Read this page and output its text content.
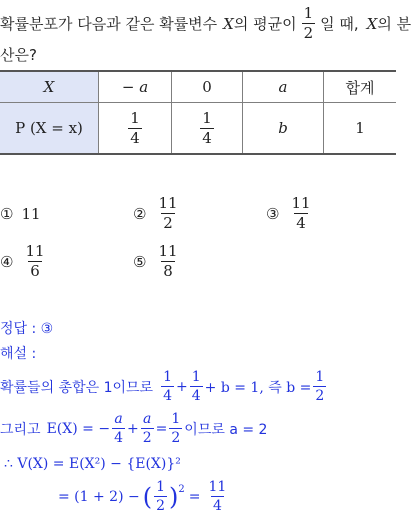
확률분포가 다음과 같은 확률변수 X 의 평균이 $\frac{1}{2}$ 일 때, X 의 분
산은?
X	− a	0	a	합계
P (X = x)	$\frac{1}{4}$	$\frac{1}{4}$	b	1
① 11	② $\frac{11}{2}$	③ $\frac{11}{4}$
④ $\frac{11}{6}$	⑤ $\frac{11}{8}$
정답 : ③
해설 :
확률들의 총합은 1이므로 $\frac{1}{4} + \frac{1}{4} + b = 1$, 즉 $b = \frac{1}{2}$
그리고 E(X) = − $\frac{a}{4} + \frac{a}{2} = \frac{1}{2}$ 이므로 a = 2
∴ V(X) = E(X²) − {E(X)}²
= (1 + 2) − ( $\frac{1}{2} )^2 = \frac{11}{4}$
